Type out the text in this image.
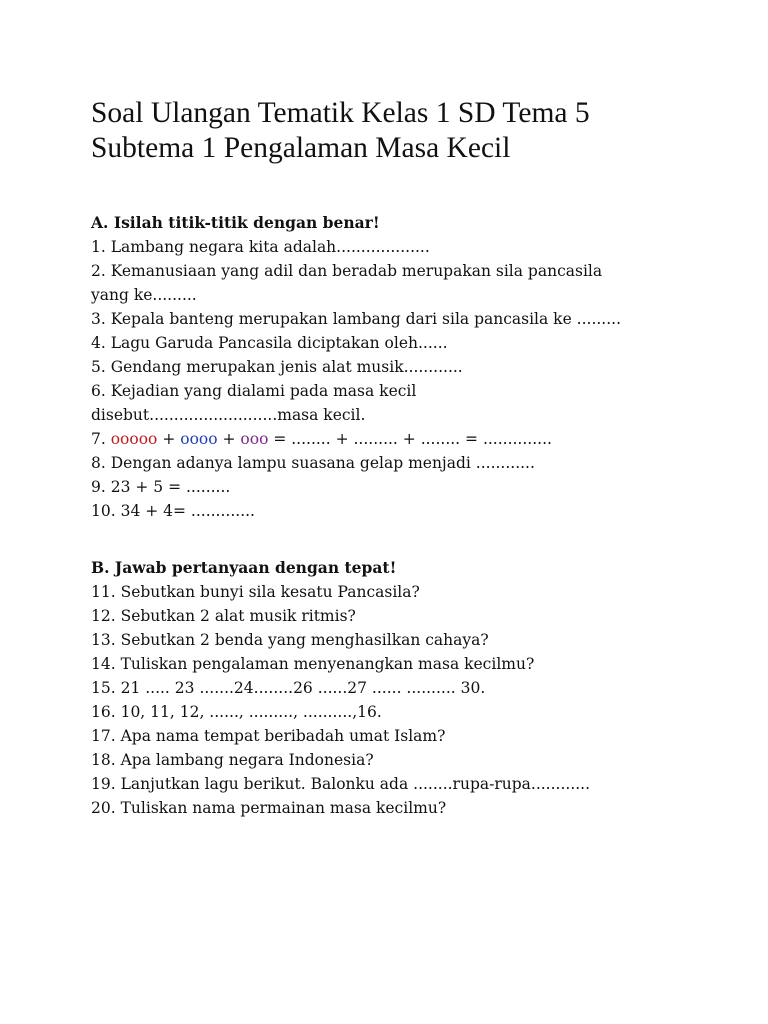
Soal Ulangan Tematik Kelas 1 SD Tema 5
Subtema 1 Pengalaman Masa Kecil
A. Isilah titik-titik dengan benar!
1. Lambang negara kita adalah...................
2. Kemanusiaan yang adil dan beradab merupakan sila pancasila
yang ke.........
3. Kepala banteng merupakan lambang dari sila pancasila ke .........
4. Lagu Garuda Pancasila diciptakan oleh......
5. Gendang merupakan jenis alat musik............
6. Kejadian yang dialami pada masa kecil
disebut..........................masa kecil.
7. ooooo + oooo + ooo = ........ + ......... + ........ = ..............
8. Dengan adanya lampu suasana gelap menjadi ............
9. 23 + 5 = .........
10. 34 + 4= .............
B. Jawab pertanyaan dengan tepat!
11. Sebutkan bunyi sila kesatu Pancasila?
12. Sebutkan 2 alat musik ritmis?
13. Sebutkan 2 benda yang menghasilkan cahaya?
14. Tuliskan pengalaman menyenangkan masa kecilmu?
15. 21 ..... 23 .......24........26 ......27 ...... .......... 30.
16. 10, 11, 12, ......, ........., ..........,16.
17. Apa nama tempat beribadah umat Islam?
18. Apa lambang negara Indonesia?
19. Lanjutkan lagu berikut. Balonku ada ........rupa-rupa............
20. Tuliskan nama permainan masa kecilmu?
